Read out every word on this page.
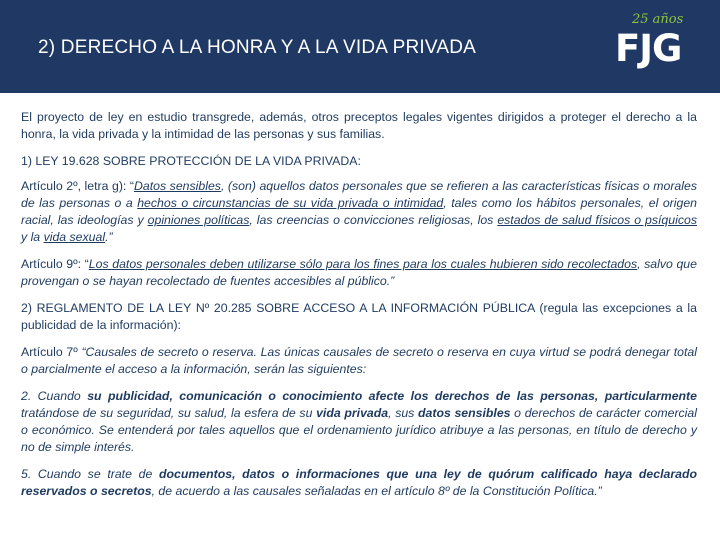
2) DERECHO A LA HONRA Y A LA VIDA PRIVADA
25 años
FJG

El proyecto de ley en estudio transgrede, además, otros preceptos legales vigentes dirigidos a proteger el derecho a la honra, la vida privada y la intimidad de las personas y sus familias.

1) LEY 19.628 SOBRE PROTECCIÓN DE LA VIDA PRIVADA:

Artículo 2º, letra g): “Datos sensibles, (son) aquellos datos personales que se refieren a las características físicas o morales de las personas o a hechos o circunstancias de su vida privada o intimidad, tales como los hábitos personales, el origen racial, las ideologías y opiniones políticas, las creencias o convicciones religiosas, los estados de salud físicos o psíquicos y la vida sexual.”

Artículo 9º: “Los datos personales deben utilizarse sólo para los fines para los cuales hubieren sido recolectados, salvo que provengan o se hayan recolectado de fuentes accesibles al público.”

2) REGLAMENTO DE LA LEY Nº 20.285 SOBRE ACCESO A LA INFORMACIÓN PÚBLICA (regula las excepciones a la publicidad de la información):

Artículo 7º “Causales de secreto o reserva. Las únicas causales de secreto o reserva en cuya virtud se podrá denegar total o parcialmente el acceso a la información, serán las siguientes:

2. Cuando su publicidad, comunicación o conocimiento afecte los derechos de las personas, particularmente tratándose de su seguridad, su salud, la esfera de su vida privada, sus datos sensibles o derechos de carácter comercial o económico. Se entenderá por tales aquellos que el ordenamiento jurídico atribuye a las personas, en título de derecho y no de simple interés.

5. Cuando se trate de documentos, datos o informaciones que una ley de quórum calificado haya declarado reservados o secretos, de acuerdo a las causales señaladas en el artículo 8º de la Constitución Política.”
